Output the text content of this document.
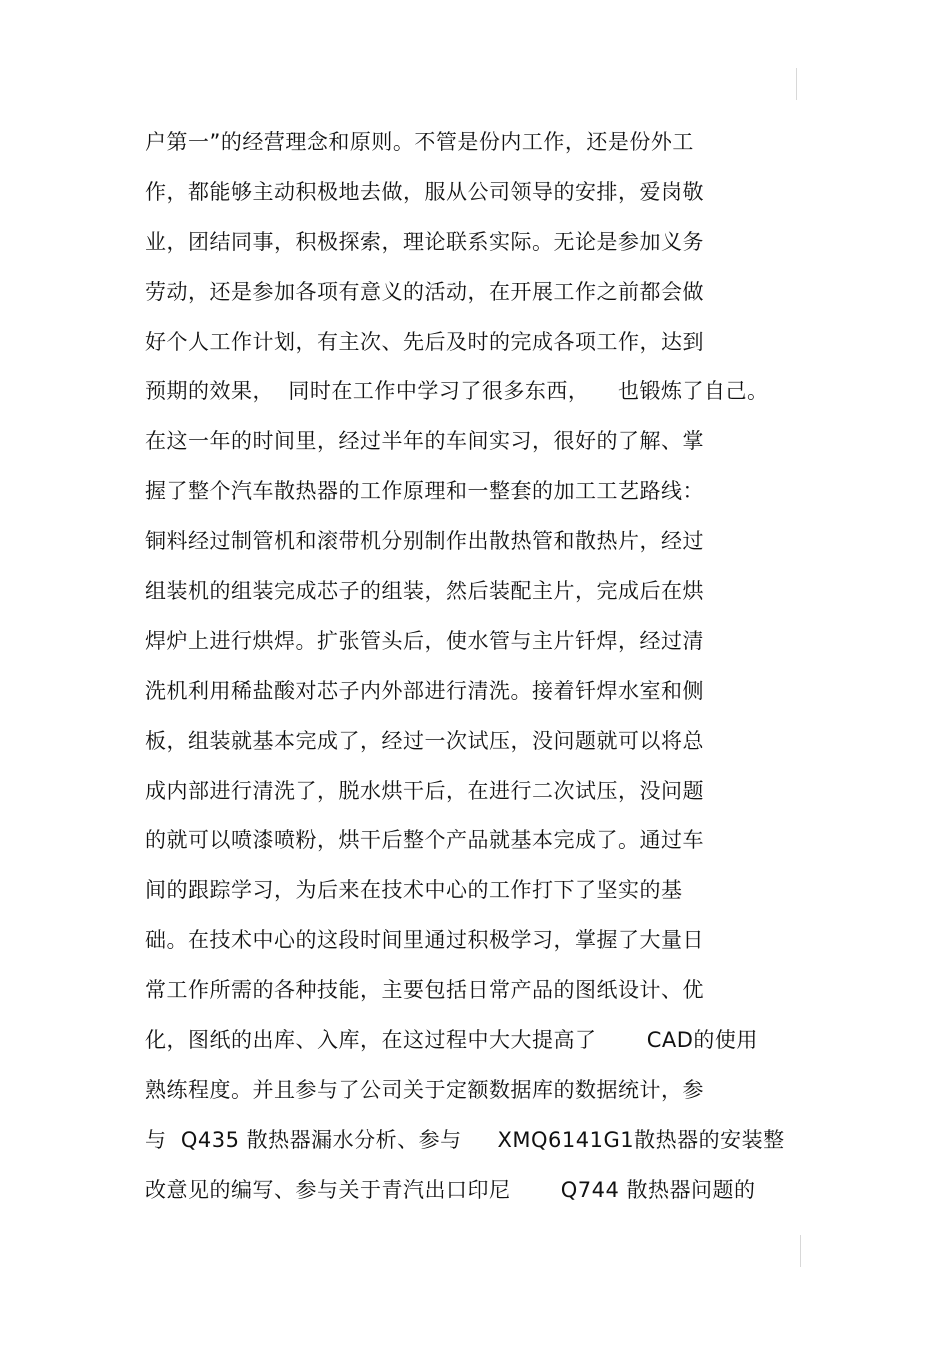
户第一”的经营理念和原则。不管是份内工作，还是份外工
作，都能够主动积极地去做，服从公司领导的安排，爱岗敬
业，团结同事，积极探索，理论联系实际。无论是参加义务
劳动，还是参加各项有意义的活动，在开展工作之前都会做
好个人工作计划，有主次、先后及时的完成各项工作，达到
预期的效果，  同时在工作中学习了很多东西，    也锻炼了自己。
在这一年的时间里，经过半年的车间实习，很好的了解、掌
握了整个汽车散热器的工作原理和一整套的加工工艺路线：
铜料经过制管机和滚带机分别制作出散热管和散热片，经过
组装机的组装完成芯子的组装，然后装配主片，完成后在烘
焊炉上进行烘焊。扩张管头后，使水管与主片钎焊，经过清
洗机利用稀盐酸对芯子内外部进行清洗。接着钎焊水室和侧
板，组装就基本完成了，经过一次试压，没问题就可以将总
成内部进行清洗了，脱水烘干后，在进行二次试压，没问题
的就可以喷漆喷粉，烘干后整个产品就基本完成了。通过车
间的跟踪学习，为后来在技术中心的工作打下了坚实的基
础。在技术中心的这段时间里通过积极学习，掌握了大量日
常工作所需的各种技能，主要包括日常产品的图纸设计、优
化，图纸的出库、入库，在这过程中大大提高了       CAD的使用
熟练程度。并且参与了公司关于定额数据库的数据统计，参
与  Q435 散热器漏水分析、参与     XMQ6141G1散热器的安装整
改意见的编写、参与关于青汽出口印尼       Q744 散热器问题的
